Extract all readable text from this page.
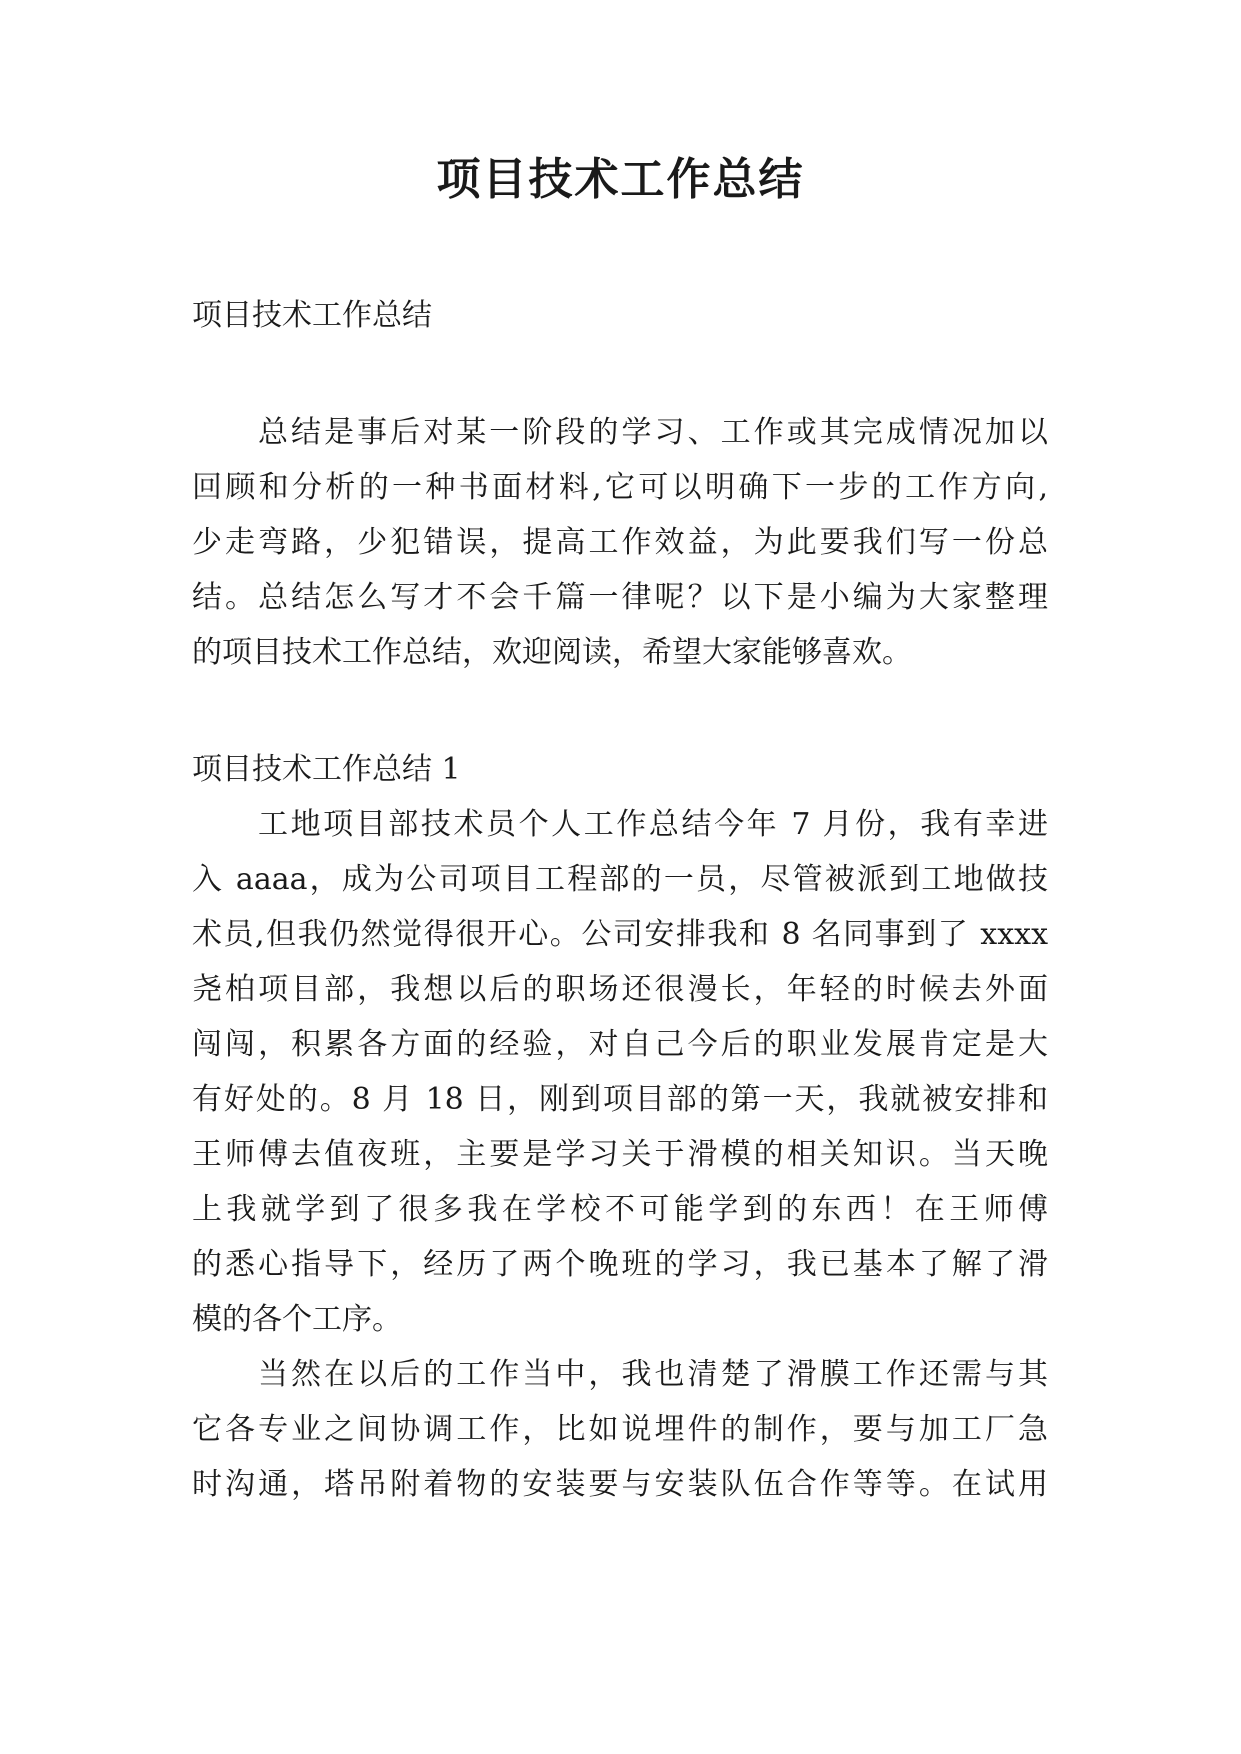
项目技术工作总结
项目技术工作总结
总结是事后对某一阶段的学习、工作或其完成情况加以
回顾和分析的一种书面材料,它可以明确下一步的工作方向,
少走弯路，少犯错误，提高工作效益，为此要我们写一份总
结。总结怎么写才不会千篇一律呢？以下是小编为大家整理
的项目技术工作总结，欢迎阅读，希望大家能够喜欢。
项目技术工作总结 1
工地项目部技术员个人工作总结今年 7 月份，我有幸进
入 aaaa，成为公司项目工程部的一员，尽管被派到工地做技
术员,但我仍然觉得很开心。公司安排我和 8 名同事到了 xxxx
尧柏项目部，我想以后的职场还很漫长，年轻的时候去外面
闯闯，积累各方面的经验，对自己今后的职业发展肯定是大
有好处的。8 月 18 日，刚到项目部的第一天，我就被安排和
王师傅去值夜班，主要是学习关于滑模的相关知识。当天晚
上我就学到了很多我在学校不可能学到的东西！在王师傅
的悉心指导下，经历了两个晚班的学习，我已基本了解了滑
模的各个工序。
当然在以后的工作当中，我也清楚了滑膜工作还需与其
它各专业之间协调工作，比如说埋件的制作，要与加工厂急
时沟通，塔吊附着物的安装要与安装队伍合作等等。在试用
